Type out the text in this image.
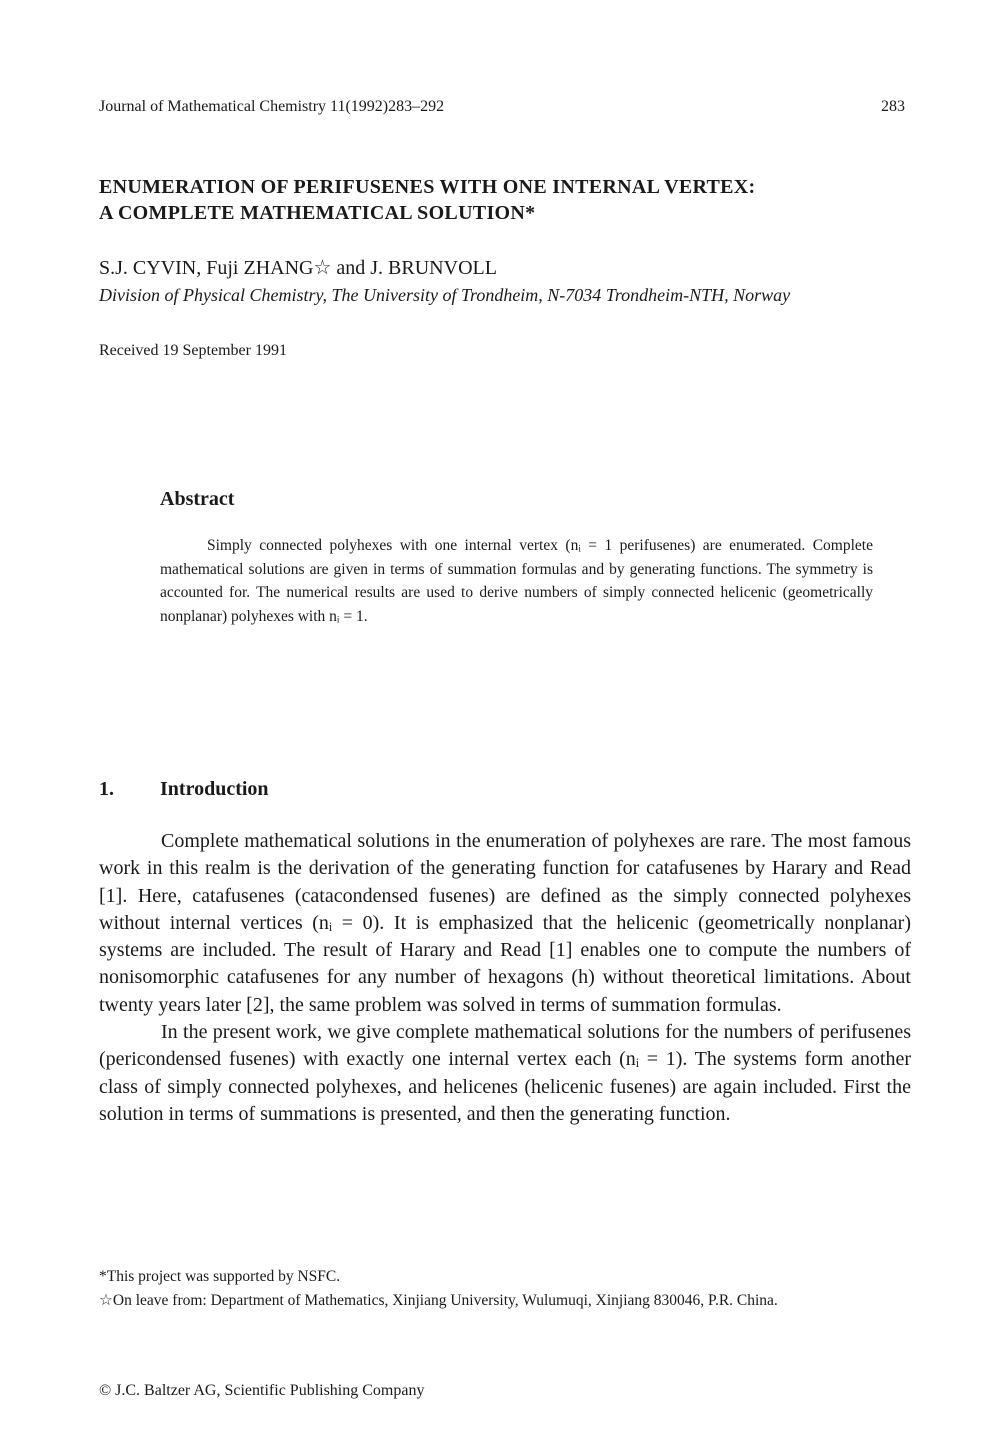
Journal of Mathematical Chemistry 11(1992)283–292	283
ENUMERATION OF PERIFUSENES WITH ONE INTERNAL VERTEX:
A COMPLETE MATHEMATICAL SOLUTION*
S.J. CYVIN, Fuji ZHANG☆ and J. BRUNVOLL
Division of Physical Chemistry, The University of Trondheim, N-7034 Trondheim-NTH, Norway
Received 19 September 1991
Abstract

Simply connected polyhexes with one internal vertex (nᵢ = 1 perifusenes) are enumerated. Complete mathematical solutions are given in terms of summation formulas and by generating functions. The symmetry is accounted for. The numerical results are used to derive numbers of simply connected helicenic (geometrically nonplanar) polyhexes with nᵢ = 1.

1. Introduction

Complete mathematical solutions in the enumeration of polyhexes are rare. The most famous work in this realm is the derivation of the generating function for catafusenes by Harary and Read [1]. Here, catafusenes (catacondensed fusenes) are defined as the simply connected polyhexes without internal vertices (nᵢ = 0). It is emphasized that the helicenic (geometrically nonplanar) systems are included. The result of Harary and Read [1] enables one to compute the numbers of nonisomorphic catafusenes for any number of hexagons (h) without theoretical limitations. About twenty years later [2], the same problem was solved in terms of summation formulas.

In the present work, we give complete mathematical solutions for the numbers of perifusenes (pericondensed fusenes) with exactly one internal vertex each (nᵢ = 1). The systems form another class of simply connected polyhexes, and helicenes (helicenic fusenes) are again included. First the solution in terms of summations is presented, and then the generating function.

*This project was supported by NSFC.
☆On leave from: Department of Mathematics, Xinjiang University, Wulumuqi, Xinjiang 830046, P.R. China.
© J.C. Baltzer AG, Scientific Publishing Company
